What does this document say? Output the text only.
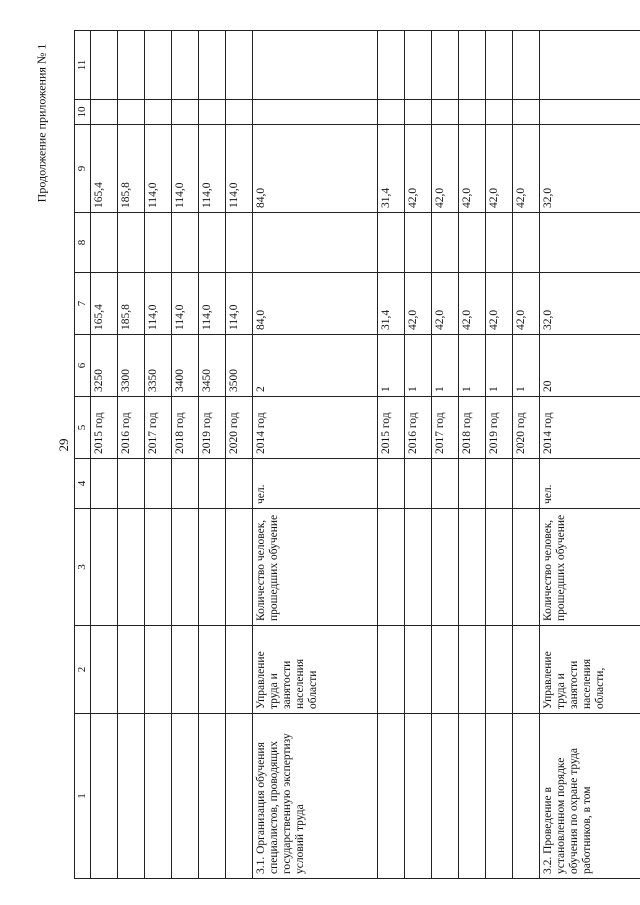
29
Продолжение приложения № 1
1	2	3	4	5	6	7	8	9	10	11
				2015 год	3250	165,4		165,4		
				2016 год	3300	185,8		185,8		
				2017 год	3350	114,0		114,0		
				2018 год	3400	114,0		114,0		
				2019 год	3450	114,0		114,0		
				2020 год	3500	114,0		114,0		
3.1. Организация обучения специалистов, проводящих государственную экспертизу условий труда	Управление труда и занятости населения области	Количество человек, прошедших обучение	чел.	2014 год	2	84,0		84,0		
				2015 год	1	31,4		31,4		
				2016 год	1	42,0		42,0		
				2017 год	1	42,0		42,0		
				2018 год	1	42,0		42,0		
				2019 год	1	42,0		42,0		
				2020 год	1	42,0		42,0		
3.2. Проведение в установленном порядке обучения по охране труда работников, в том	Управление труда и занятости населения области,	Количество человек, прошедших обучение	чел.	2014 год	20	32,0		32,0		
